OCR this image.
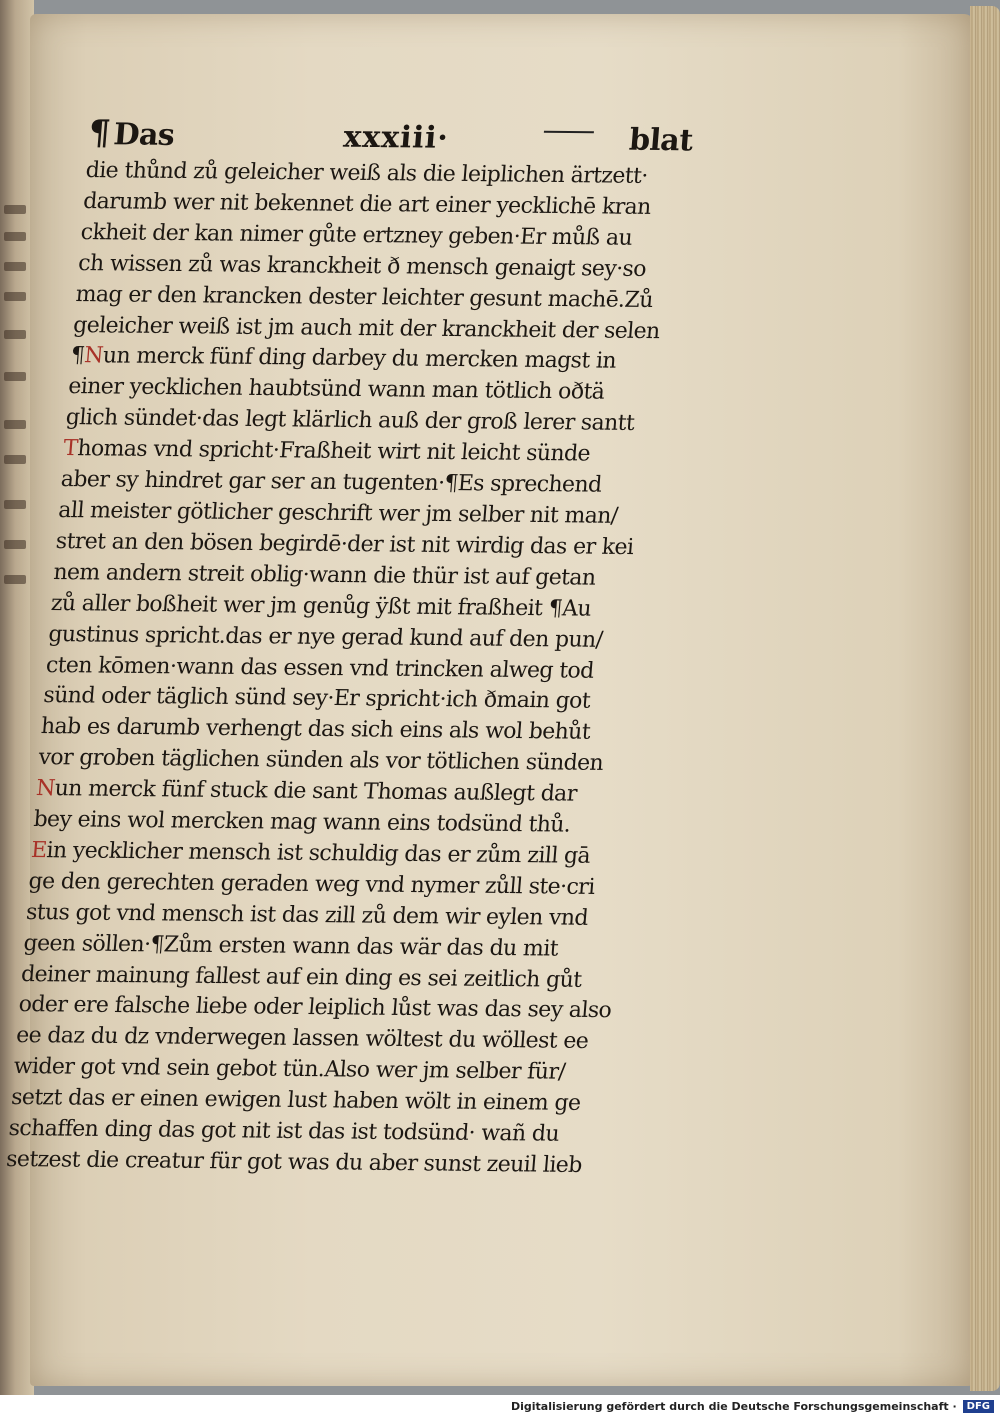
¶ Das	xxxiii·	blat
die thůnd zů geleicher weiß als die leiplichen ärtzett·
darumb wer nit bekennet die art einer yecklichē kran
ckheit der kan nimer gůte ertzney geben·Er můß au
ch wissen zů was kranckheit ð mensch genaigt sey·so
mag er den krancken dester leichter gesunt machē.Zů
geleicher weiß ist jm auch mit der kranckheit der selen
¶Nun merck fünf ding darbey du mercken magst in
einer yecklichen haubtsünd wann man tötlich oðtä
glich sündet·das legt klärlich auß der groß lerer santt
Thomas vnd spricht·Fraßheit wirt nit leicht sünde
aber sy hindret gar ser an tugenten·¶Es sprechend
all meister götlicher geschrift wer jm selber nit man/
stret an den bösen begirdē·der ist nit wirdig das er kei
nem andern streit oblig·wann die thür ist auf getan
zů aller boßheit wer jm genůg ÿßt mit fraßheit ¶Au
gustinus spricht.das er nye gerad kund auf den pun/
cten kōmen·wann das essen vnd trincken alweg tod
sünd oder täglich sünd sey·Er spricht·ich ðmain got
hab es darumb verhengt das sich eins als wol behůt
vor groben täglichen sünden als vor tötlichen sünden
Nun merck fünf stuck die sant Thomas außlegt dar
bey eins wol mercken mag wann eins todsünd thů.
Ein yecklicher mensch ist schuldig das er zům zill gā
ge den gerechten geraden weg vnd nymer zůll ste·cri
stus got vnd mensch ist das zill zů dem wir eylen vnd
geen söllen·¶Zům ersten wann das wär das du mit
deiner mainung fallest auf ein ding es sei zeitlich gůt
oder ere falsche liebe oder leiplich lůst was das sey also
ee daz du dz vnderwegen lassen wöltest du wöllest ee
wider got vnd sein gebot tün.Also wer jm selber für/
setzt das er einen ewigen lust haben wölt in einem ge
schaffen ding das got nit ist das ist todsünd· wañ du
setzest die creatur für got was du aber sunst zeuil lieb
Digitalisierung gefördert durch die Deutsche Forschungsgemeinschaft ·	DFG
